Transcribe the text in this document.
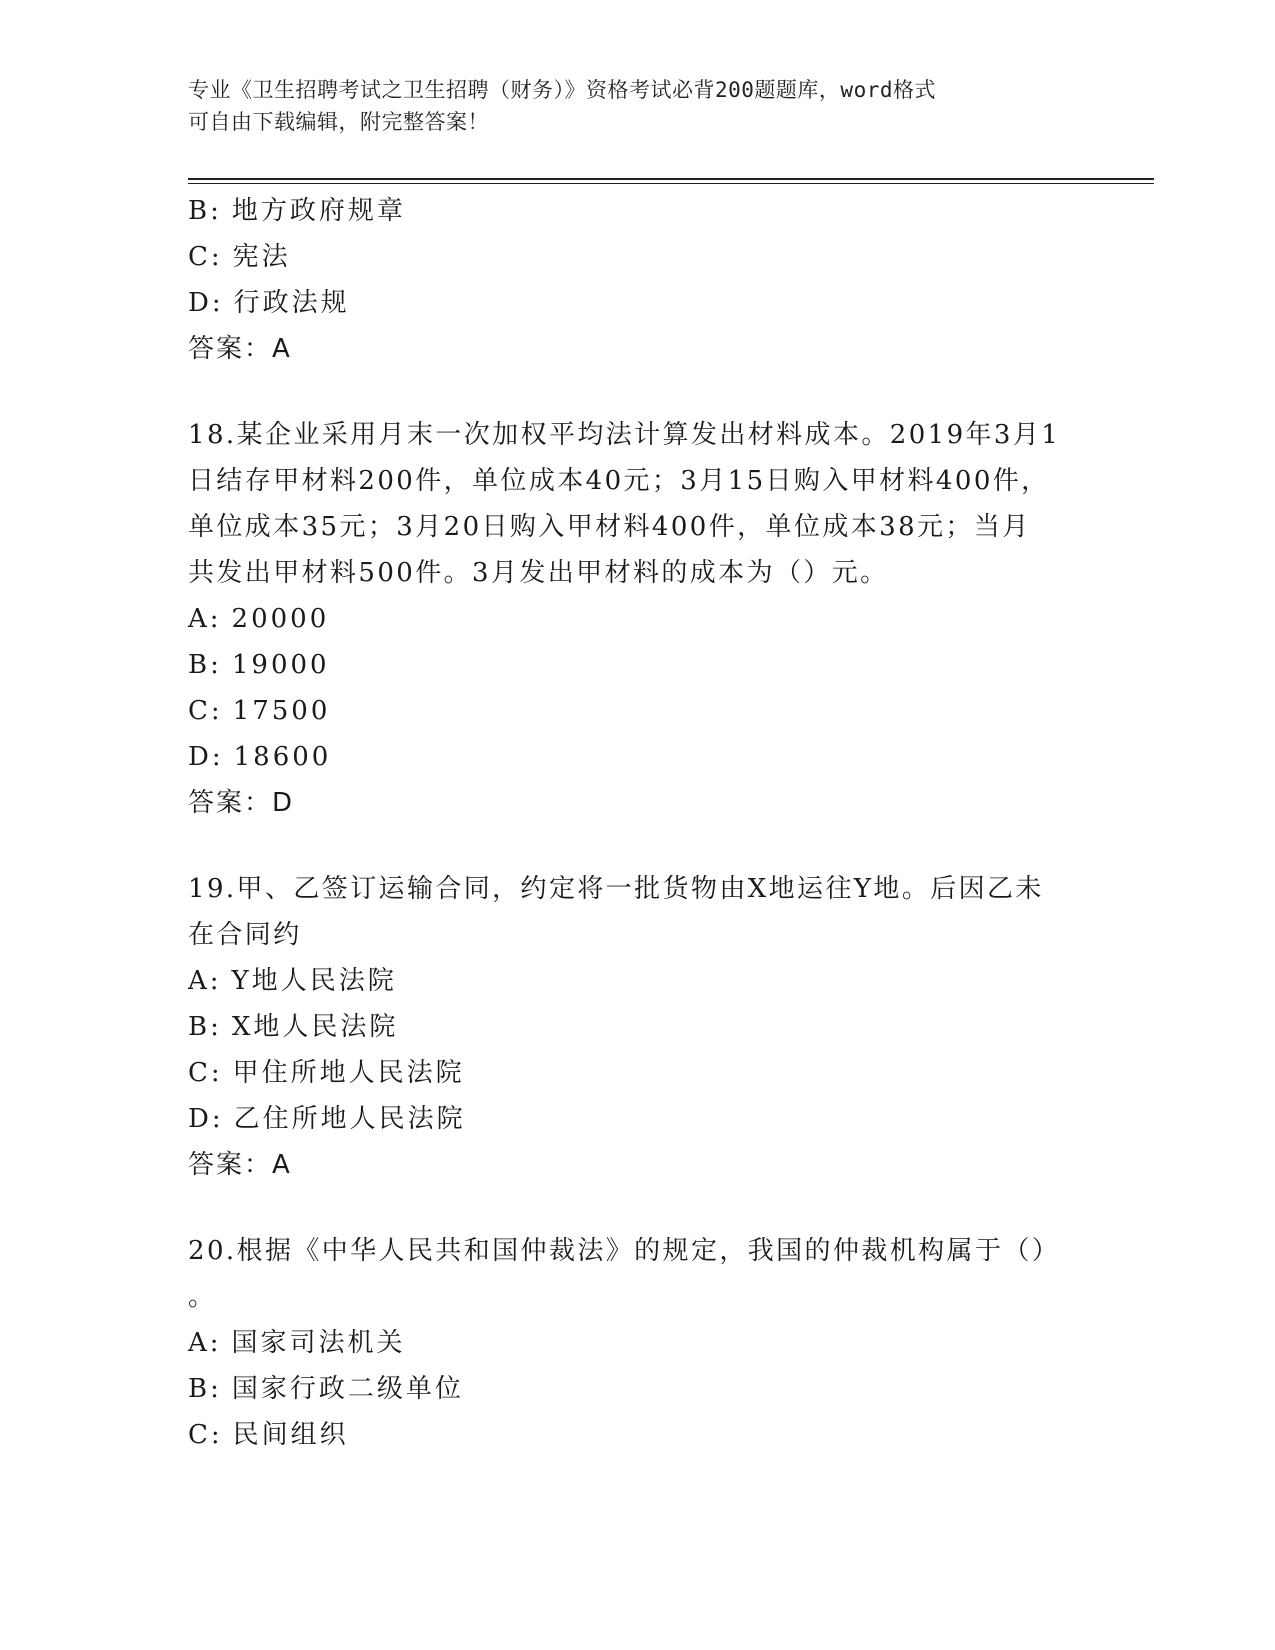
专业《卫生招聘考试之卫生招聘（财务）》资格考试必背200题题库，word格式
可自由下载编辑，附完整答案！
B: 地方政府规章
C: 宪法
D: 行政法规
答案：A
18.某企业采用月末一次加权平均法计算发出材料成本。2019年3月1
日结存甲材料200件，单位成本40元；3月15日购入甲材料400件，
单位成本35元；3月20日购入甲材料400件，单位成本38元；当月
共发出甲材料500件。3月发出甲材料的成本为（）元。
A: 20000
B: 19000
C: 17500
D: 18600
答案：D
19.甲、乙签订运输合同，约定将一批货物由X地运往Y地。后因乙未
在合同约
A: Y地人民法院
B: X地人民法院
C: 甲住所地人民法院
D: 乙住所地人民法院
答案：A
20.根据《中华人民共和国仲裁法》的规定，我国的仲裁机构属于（）
。
A: 国家司法机关
B: 国家行政二级单位
C: 民间组织
